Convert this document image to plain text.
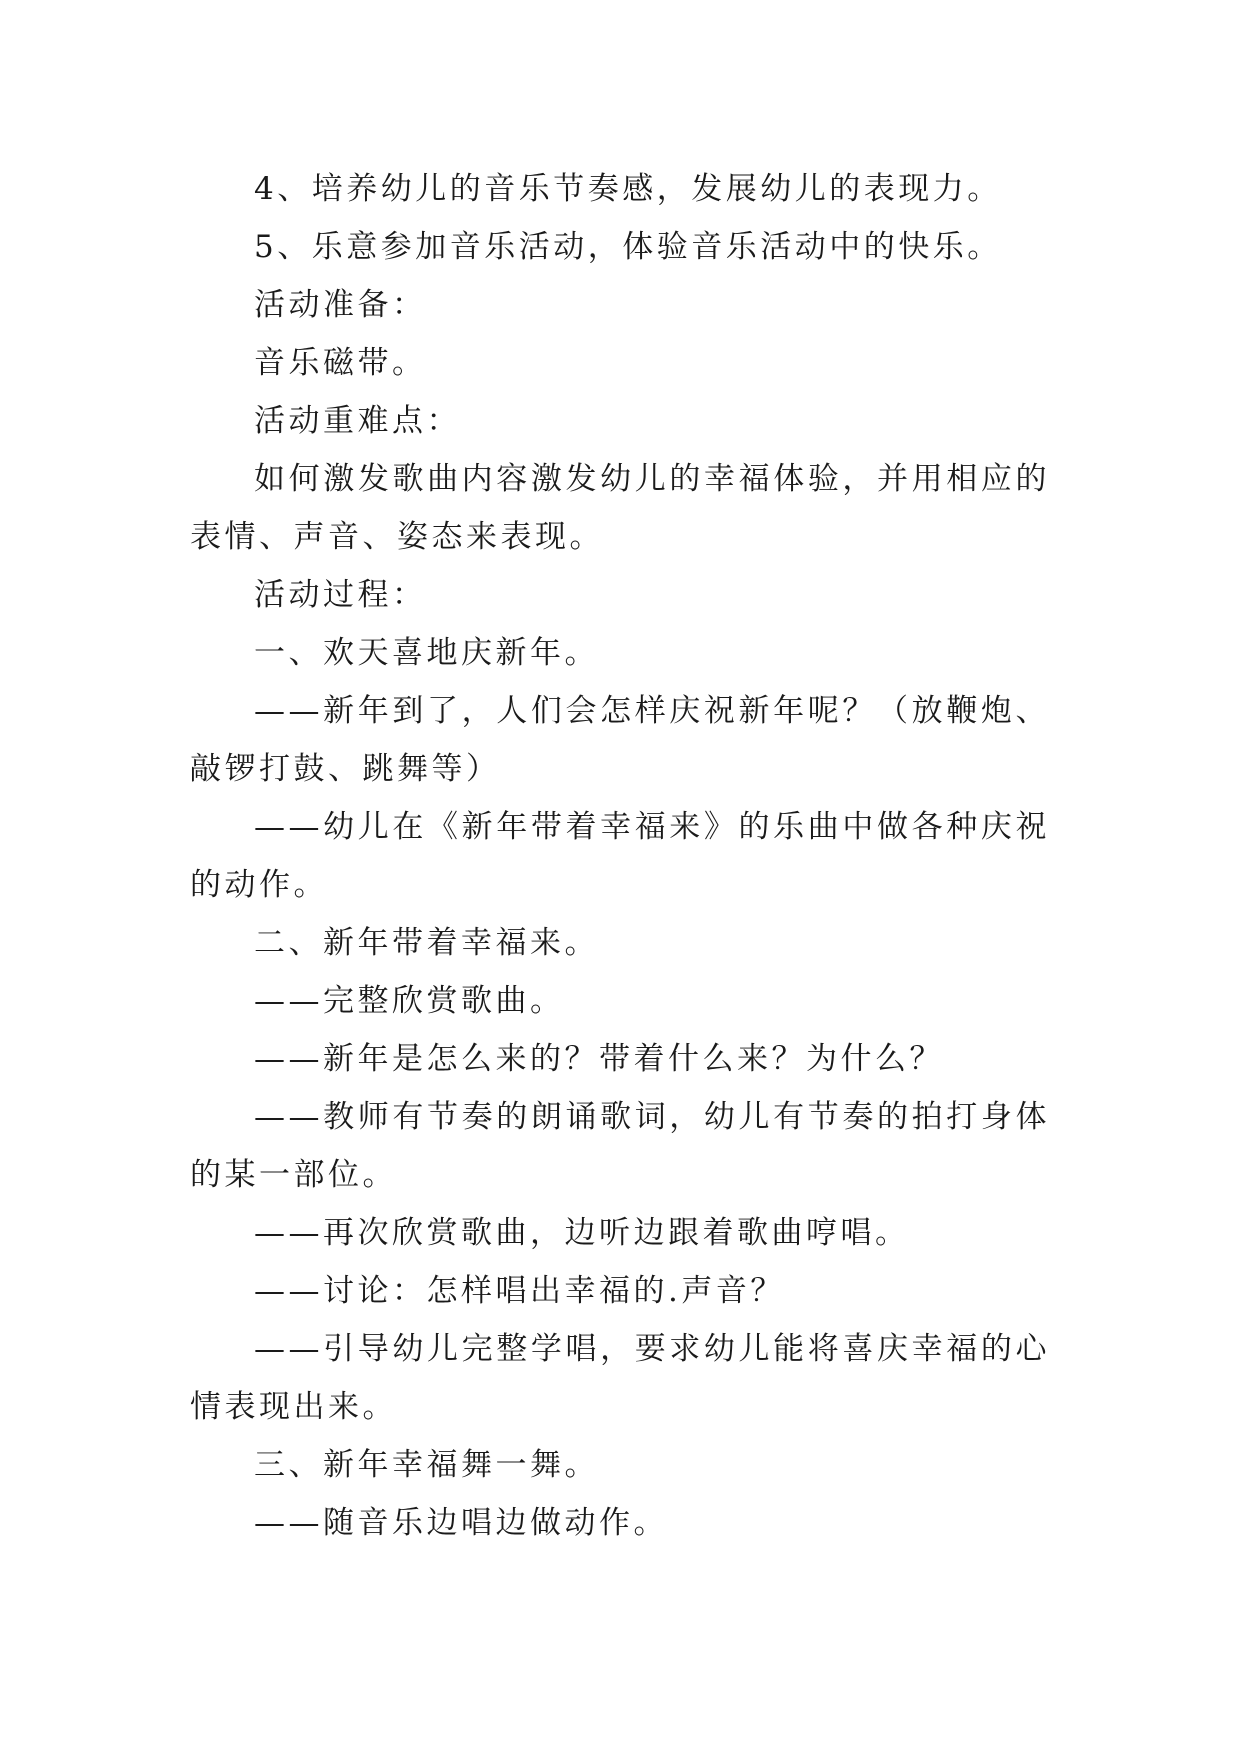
4、培养幼儿的音乐节奏感，发展幼儿的表现力。

5、乐意参加音乐活动，体验音乐活动中的快乐。

活动准备：

音乐磁带。

活动重难点：

如何激发歌曲内容激发幼儿的幸福体验，并用相应的表情、声音、姿态来表现。

活动过程：

一、欢天喜地庆新年。

——新年到了，人们会怎样庆祝新年呢？（放鞭炮、敲锣打鼓、跳舞等）

——幼儿在《新年带着幸福来》的乐曲中做各种庆祝的动作。

二、新年带着幸福来。

——完整欣赏歌曲。

——新年是怎么来的？带着什么来？为什么？

——教师有节奏的朗诵歌词，幼儿有节奏的拍打身体的某一部位。

——再次欣赏歌曲，边听边跟着歌曲哼唱。

——讨论：怎样唱出幸福的.声音？

——引导幼儿完整学唱，要求幼儿能将喜庆幸福的心情表现出来。

三、新年幸福舞一舞。

——随音乐边唱边做动作。
